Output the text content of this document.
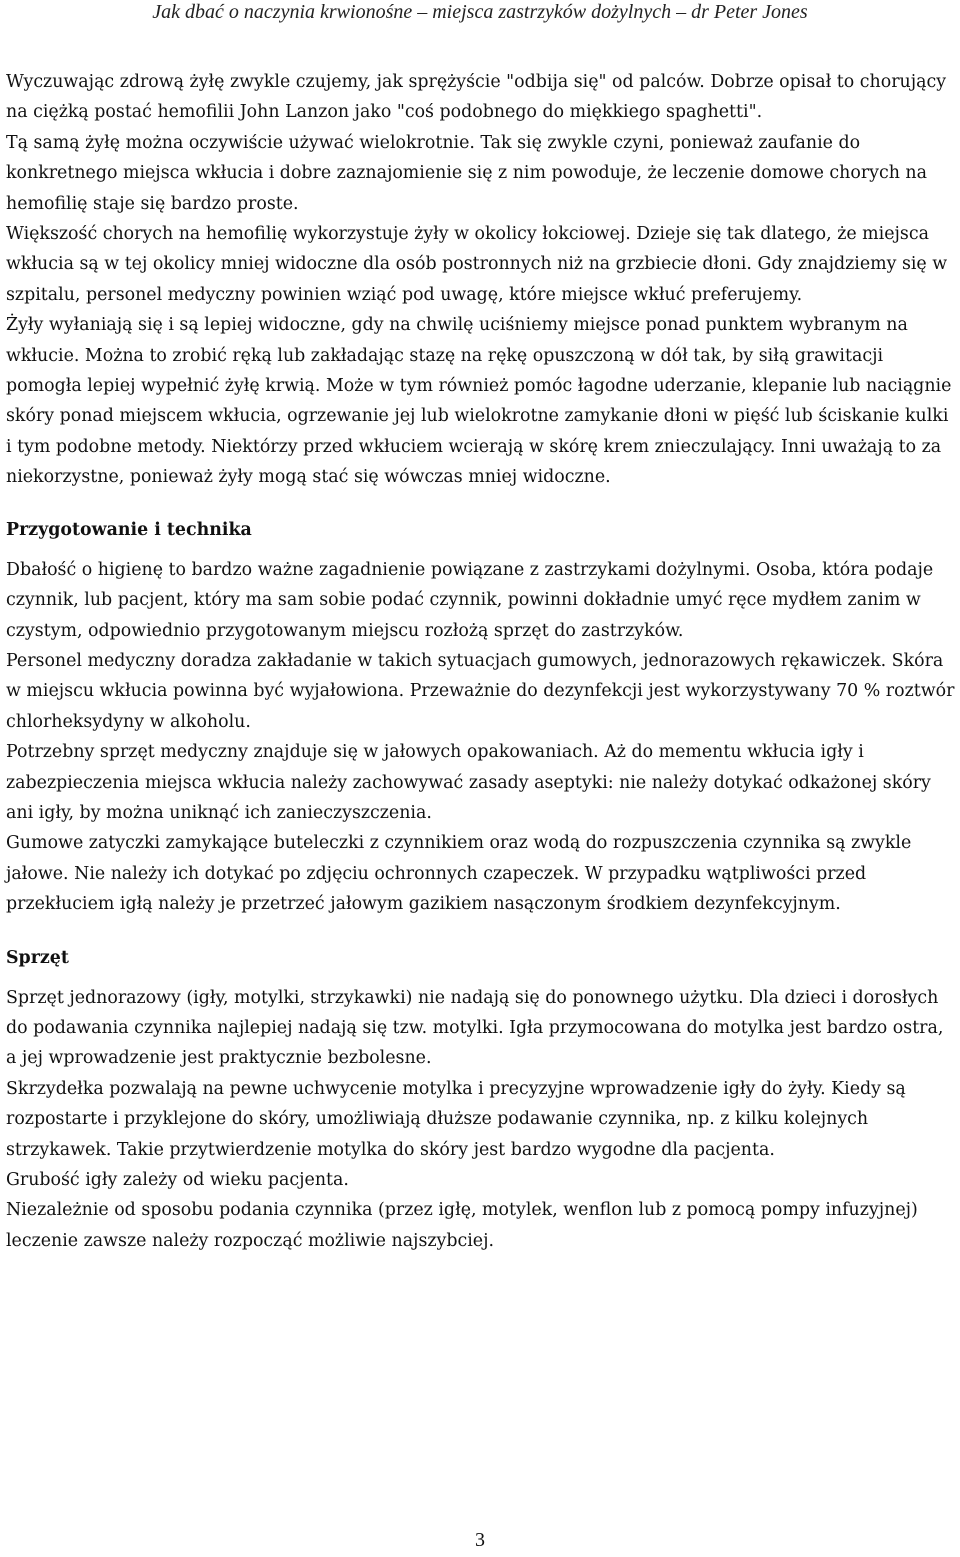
Jak dbać o naczynia krwionośne – miejsca zastrzyków dożylnych – dr Peter Jones

Wyczuwając zdrową żyłę zwykle czujemy, jak sprężyście "odbija się" od palców. Dobrze opisał to chorujący na ciężką postać hemofilii John Lanzon jako "coś podobnego do miękkiego spaghetti".

Tą samą żyłę można oczywiście używać wielokrotnie. Tak się zwykle czyni, ponieważ zaufanie do konkretnego miejsca wkłucia i dobre zaznajomienie się z nim powoduje, że leczenie domowe chorych na hemofilię staje się bardzo proste.

Większość chorych na hemofilię wykorzystuje żyły w okolicy łokciowej. Dzieje się tak dlatego, że miejsca wkłucia są w tej okolicy mniej widoczne dla osób postronnych niż na grzbiecie dłoni. Gdy znajdziemy się w szpitalu, personel medyczny powinien wziąć pod uwagę, które miejsce wkłuć preferujemy.

Żyły wyłaniają się i są lepiej widoczne, gdy na chwilę uciśniemy miejsce ponad punktem wybranym na wkłucie. Można to zrobić ręką lub zakładając stazę na rękę opuszczoną w dół tak, by siłą grawitacji pomogła lepiej wypełnić żyłę krwią. Może w tym również pomóc łagodne uderzanie, klepanie lub naciągnie skóry ponad miejscem wkłucia, ogrzewanie jej lub wielokrotne zamykanie dłoni w pięść lub ściskanie kulki i tym podobne metody. Niektórzy przed wkłuciem wcierają w skórę krem znieczulający. Inni uważają to za niekorzystne, ponieważ żyły mogą stać się wówczas mniej widoczne.

Przygotowanie i technika

Dbałość o higienę to bardzo ważne zagadnienie powiązane z zastrzykami dożylnymi. Osoba, która podaje czynnik, lub pacjent, który ma sam sobie podać czynnik, powinni dokładnie umyć ręce mydłem zanim w czystym, odpowiednio przygotowanym miejscu rozłożą sprzęt do zastrzyków.

Personel medyczny doradza zakładanie w takich sytuacjach gumowych, jednorazowych rękawiczek. Skóra w miejscu wkłucia powinna być wyjałowiona. Przeważnie do dezynfekcji jest wykorzystywany 70 % roztwór chlorheksydyny w alkoholu.

Potrzebny sprzęt medyczny znajduje się w jałowych opakowaniach. Aż do mementu wkłucia igły i zabezpieczenia miejsca wkłucia należy zachowywać zasady aseptyki: nie należy dotykać odkażonej skóry ani igły, by można uniknąć ich zanieczyszczenia.

Gumowe zatyczki zamykające buteleczki z czynnikiem oraz wodą do rozpuszczenia czynnika są zwykle jałowe. Nie należy ich dotykać po zdjęciu ochronnych czapeczek. W przypadku wątpliwości przed przekłuciem igłą należy je przetrzeć jałowym gazikiem nasączonym środkiem dezynfekcyjnym.

Sprzęt

Sprzęt jednorazowy (igły, motylki, strzykawki) nie nadają się do ponownego użytku. Dla dzieci i dorosłych do podawania czynnika najlepiej nadają się tzw. motylki. Igła przymocowana do motylka jest bardzo ostra, a jej wprowadzenie jest praktycznie bezbolesne.

Skrzydełka pozwalają na pewne uchwycenie motylka i precyzyjne wprowadzenie igły do żyły. Kiedy są rozpostarte i przyklejone do skóry, umożliwiają dłuższe podawanie czynnika, np. z kilku kolejnych strzykawek. Takie przytwierdzenie motylka do skóry jest bardzo wygodne dla pacjenta.

Grubość igły zależy od wieku pacjenta.

Niezależnie od sposobu podania czynnika (przez igłę, motylek, wenflon lub z pomocą pompy infuzyjnej) leczenie zawsze należy rozpocząć możliwie najszybciej.

3
